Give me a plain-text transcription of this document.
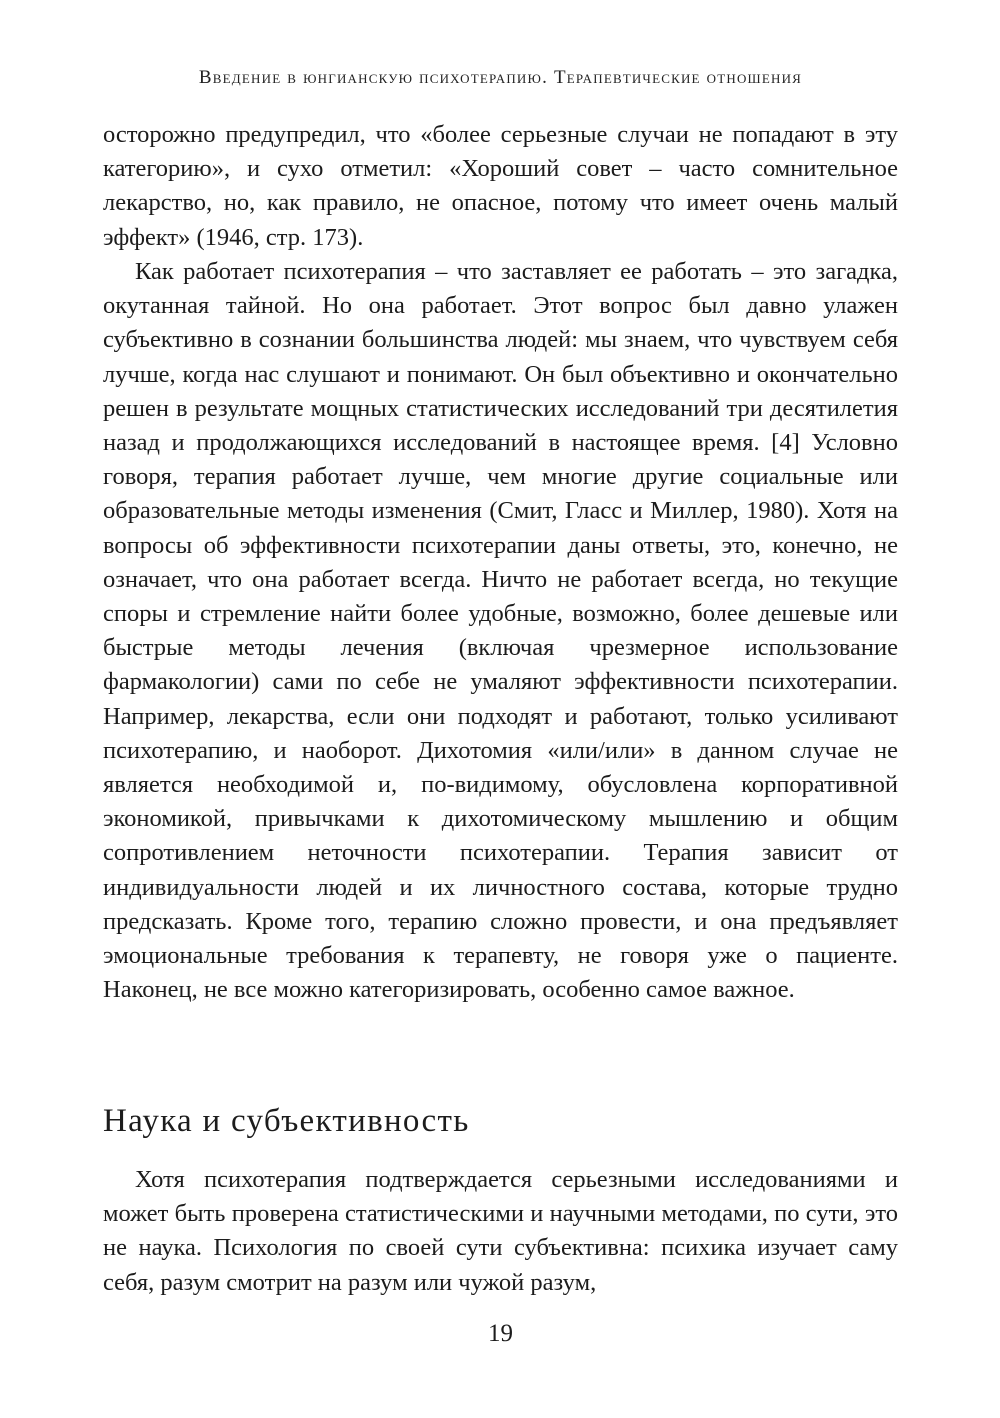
Введение в юнгианскую психотерапию. Терапевтические отношения

осторожно предупредил, что «более серьезные случаи не попадают в эту категорию», и сухо отметил: «Хороший совет – часто сомнительное лекарство, но, как правило, не опасное, потому что имеет очень малый эффект» (1946, стр. 173).

Как работает психотерапия – что заставляет ее работать – это загадка, окутанная тайной. Но она работает. Этот вопрос был давно улажен субъективно в сознании большинства людей: мы знаем, что чувствуем себя лучше, когда нас слушают и понимают. Он был объективно и окончательно решен в результате мощных статистических исследований три десятилетия назад и продолжающихся исследований в настоящее время. [4] Условно говоря, терапия работает лучше, чем многие другие социальные или образовательные методы изменения (Смит, Гласс и Миллер, 1980). Хотя на вопросы об эффективности психотерапии даны ответы, это, конечно, не означает, что она работает всегда. Ничто не работает всегда, но текущие споры и стремление найти более удобные, возможно, более дешевые или быстрые методы лечения (включая чрезмерное использование фармакологии) сами по себе не умаляют эффективности психотерапии. Например, лекарства, если они подходят и работают, только усиливают психотерапию, и наоборот. Дихотомия «или/или» в данном случае не является необходимой и, по-видимому, обусловлена корпоративной экономикой, привычками к дихотомическому мышлению и общим сопротивлением неточности психотерапии. Терапия зависит от индивидуальности людей и их личностного состава, которые трудно предсказать. Кроме того, терапию сложно провести, и она предъявляет эмоциональные требования к терапевту, не говоря уже о пациенте. Наконец, не все можно категоризировать, особенно самое важное.

Наука и субъективность

Хотя психотерапия подтверждается серьезными исследованиями и может быть проверена статистическими и научными методами, по сути, это не наука. Психология по своей сути субъективна: психика изучает саму себя, разум смотрит на разум или чужой разум,

19
